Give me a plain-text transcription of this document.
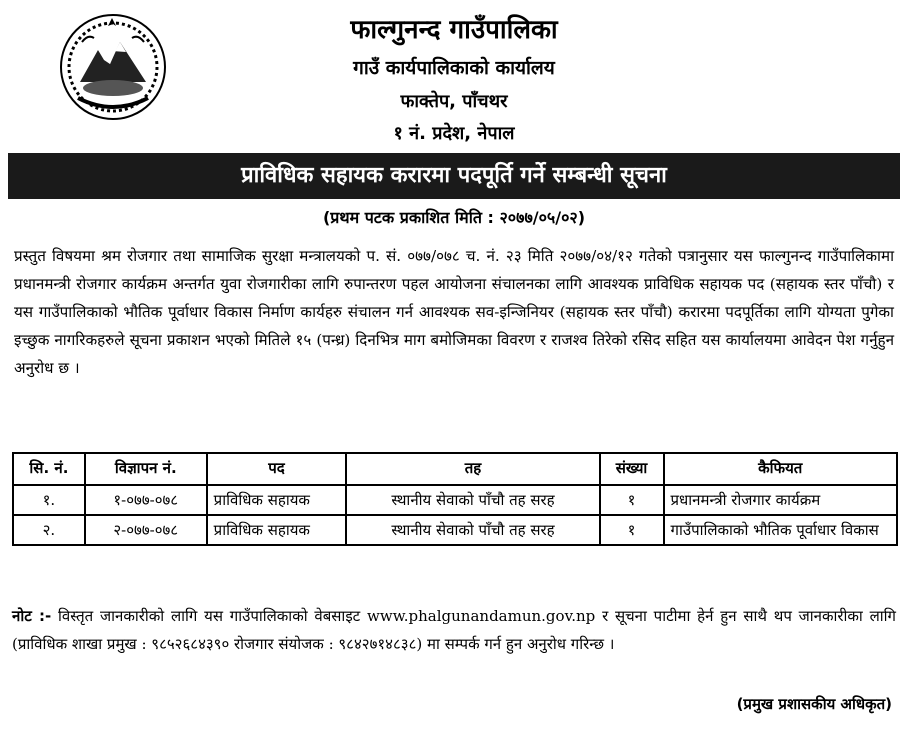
फाल्गुनन्द गाउँपालिका
गाउँ कार्यपालिकाको कार्यालय
फाक्तेप, पाँचथर
१ नं. प्रदेश, नेपाल
प्राविधिक सहायक करारमा पदपूर्ति गर्ने सम्बन्धी सूचना
(प्रथम पटक प्रकाशित मिति : २०७७/०५/०२)
प्रस्तुत विषयमा श्रम रोजगार तथा सामाजिक सुरक्षा मन्त्रालयको प. सं. ०७७/०७८ च. नं. २३ मिति २०७७/०४/१२ गतेको पत्रानुसार यस फाल्गुनन्द गाउँपालिकामा प्रधानमन्त्री रोजगार कार्यक्रम अन्तर्गत युवा रोजगारीका लागि रुपान्तरण पहल आयोजना संचालनका लागि आवश्यक प्राविधिक सहायक पद (सहायक स्तर पाँचौ) र यस गाउँपालिकाको भौतिक पूर्वाधार विकास निर्माण कार्यहरु संचालन गर्न आवश्यक सव-इन्जिनियर (सहायक स्तर पाँचौ) करारमा पदपूर्तिका लागि योग्यता पुगेका इच्छुक नागरिकहरुले सूचना प्रकाशन भएको मितिले १५ (पन्ध्र) दिनभित्र माग बमोजिमका विवरण र राजश्व तिरेको रसिद सहित यस कार्यालयमा आवेदन पेश गर्नुहुन अनुरोध छ ।
सि. नं.	विज्ञापन नं.	पद	तह	संख्या	कैफियत
१.	१-०७७-०७८	प्राविधिक सहायक	स्थानीय सेवाको पाँचौ तह सरह	१	प्रधानमन्त्री रोजगार कार्यक्रम
२.	२-०७७-०७८	प्राविधिक सहायक	स्थानीय सेवाको पाँचौ तह सरह	१	गाउँपालिकाको भौतिक पूर्वाधार विकास
नोट :- विस्तृत जानकारीको लागि यस गाउँपालिकाको वेबसाइट www.phalgunandamun.gov.np र सूचना पाटीमा हेर्न हुन साथै थप जानकारीका लागि (प्राविधिक शाखा प्रमुख : ९८५२६८४३९० रोजगार संयोजक : ९८४२७१४८३८) मा सम्पर्क गर्न हुन अनुरोध गरिन्छ ।
(प्रमुख प्रशासकीय अधिकृत)
